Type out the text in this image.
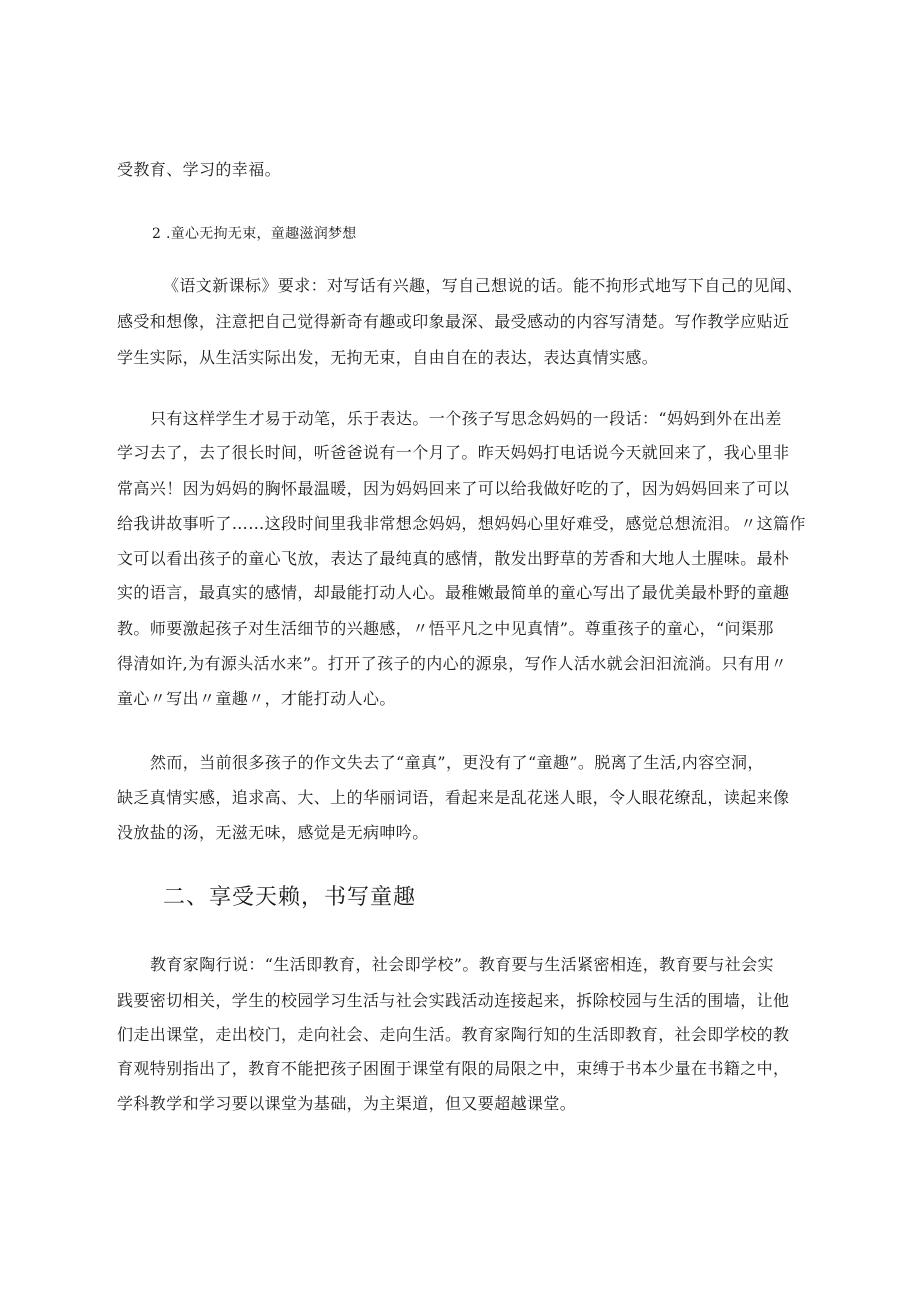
受教育、学习的幸福。
2 .童心无拘无束，童趣滋润梦想
《语文新课标》要求：对写话有兴趣，写自己想说的话。能不拘形式地写下自己的见闻、
感受和想像，注意把自己觉得新奇有趣或印象最深、最受感动的内容写清楚。写作教学应贴近
学生实际，从生活实际出发，无拘无束，自由自在的表达，表达真情实感。
只有这样学生才易于动笔，乐于表达。一个孩子写思念妈妈的一段话：“妈妈到外在出差
学习去了，去了很长时间，听爸爸说有一个月了。昨天妈妈打电话说今天就回来了，我心里非
常高兴！因为妈妈的胸怀最温暖，因为妈妈回来了可以给我做好吃的了，因为妈妈回来了可以
给我讲故事听了……这段时间里我非常想念妈妈，想妈妈心里好难受，感觉总想流泪。〃这篇作
文可以看出孩子的童心飞放，表达了最纯真的感情，散发出野草的芳香和大地人土腥味。最朴
实的语言，最真实的感情，却最能打动人心。最稚嫩最简单的童心写出了最优美最朴野的童趣
教。师要激起孩子对生活细节的兴趣感，〃悟平凡之中见真情”。尊重孩子的童心，“问渠那
得清如许,为有源头活水来”。打开了孩子的内心的源泉，写作人活水就会汩汩流淌。只有用〃
童心〃写出〃童趣〃，才能打动人心。
然而，当前很多孩子的作文失去了“童真”，更没有了“童趣”。脱离了生活,内容空洞，
缺乏真情实感，追求高、大、上的华丽词语，看起来是乱花迷人眼，令人眼花缭乱，读起来像
没放盐的汤，无滋无味，感觉是无病呻吟。
二、享受天赖，书写童趣
教育家陶行说：“生活即教育，社会即学校”。教育要与生活紧密相连，教育要与社会实
践要密切相关，学生的校园学习生活与社会实践活动连接起来，拆除校园与生活的围墙，让他
们走出课堂，走出校门，走向社会、走向生活。教育家陶行知的生活即教育，社会即学校的教
育观特别指出了，教育不能把孩子困囿于课堂有限的局限之中，束缚于书本少量在书籍之中，
学科教学和学习要以课堂为基础，为主渠道，但又要超越课堂。
